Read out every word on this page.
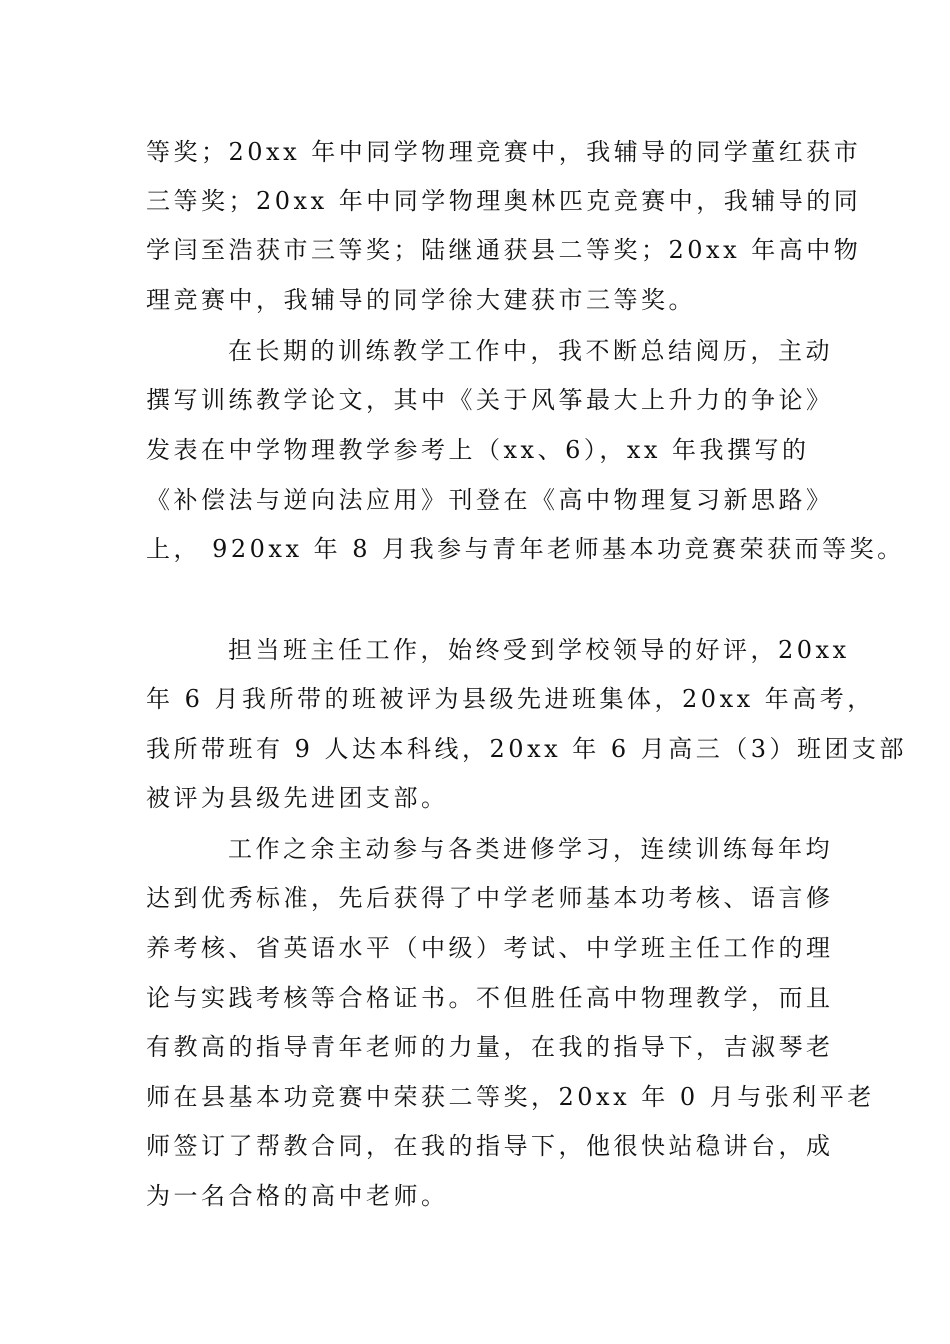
等奖；20xx 年中同学物理竞赛中，我辅导的同学董红获市
三等奖；20xx 年中同学物理奥林匹克竞赛中，我辅导的同
学闫至浩获市三等奖；陆继通获县二等奖；20xx 年高中物
理竞赛中，我辅导的同学徐大建获市三等奖。
在长期的训练教学工作中，我不断总结阅历，主动
撰写训练教学论文，其中《关于风筝最大上升力的争论》
发表在中学物理教学参考上（xx、6），xx 年我撰写的
《补偿法与逆向法应用》刊登在《高中物理复习新思路》
上， 920xx 年 8 月我参与青年老师基本功竞赛荣获而等奖。
担当班主任工作，始终受到学校领导的好评，20xx
年 6 月我所带的班被评为县级先进班集体，20xx 年高考，
我所带班有 9 人达本科线，20xx 年 6 月高三（3）班团支部
被评为县级先进团支部。
工作之余主动参与各类进修学习，连续训练每年均
达到优秀标准，先后获得了中学老师基本功考核、语言修
养考核、省英语水平（中级）考试、中学班主任工作的理
论与实践考核等合格证书。不但胜任高中物理教学，而且
有教高的指导青年老师的力量，在我的指导下，吉淑琴老
师在县基本功竞赛中荣获二等奖，20xx 年 0 月与张利平老
师签订了帮教合同，在我的指导下，他很快站稳讲台，成
为一名合格的高中老师。
